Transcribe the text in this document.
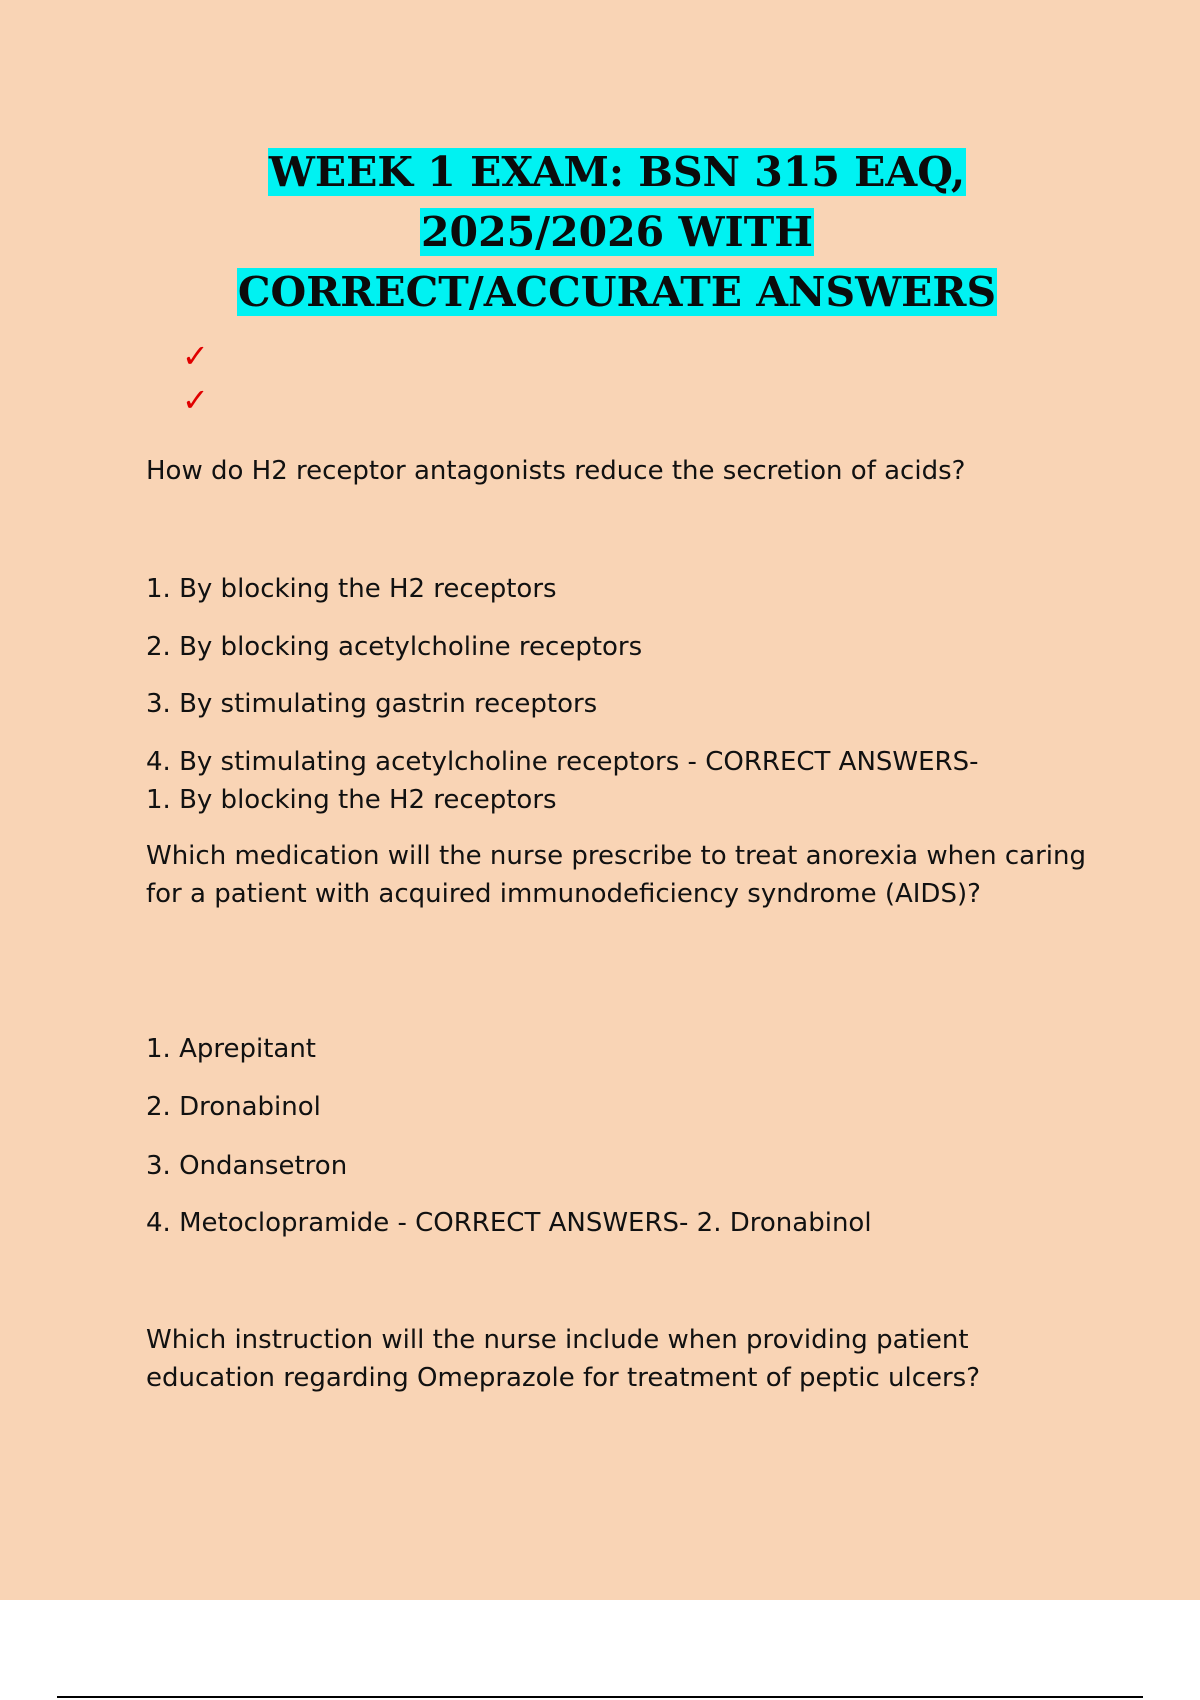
WEEK 1 EXAM: BSN 315 EAQ,
2025/2026 WITH
CORRECT/ACCURATE ANSWERS
✓
✓
How do H2 receptor antagonists reduce the secretion of acids?
1. By blocking the H2 receptors
2. By blocking acetylcholine receptors
3. By stimulating gastrin receptors
4. By stimulating acetylcholine receptors - CORRECT ANSWERS-
1. By blocking the H2 receptors
Which medication will the nurse prescribe to treat anorexia when caring for a patient with acquired immunodeficiency syndrome (AIDS)?
1. Aprepitant
2. Dronabinol
3. Ondansetron
4. Metoclopramide - CORRECT ANSWERS- 2. Dronabinol
Which instruction will the nurse include when providing patient education regarding Omeprazole for treatment of peptic ulcers?
